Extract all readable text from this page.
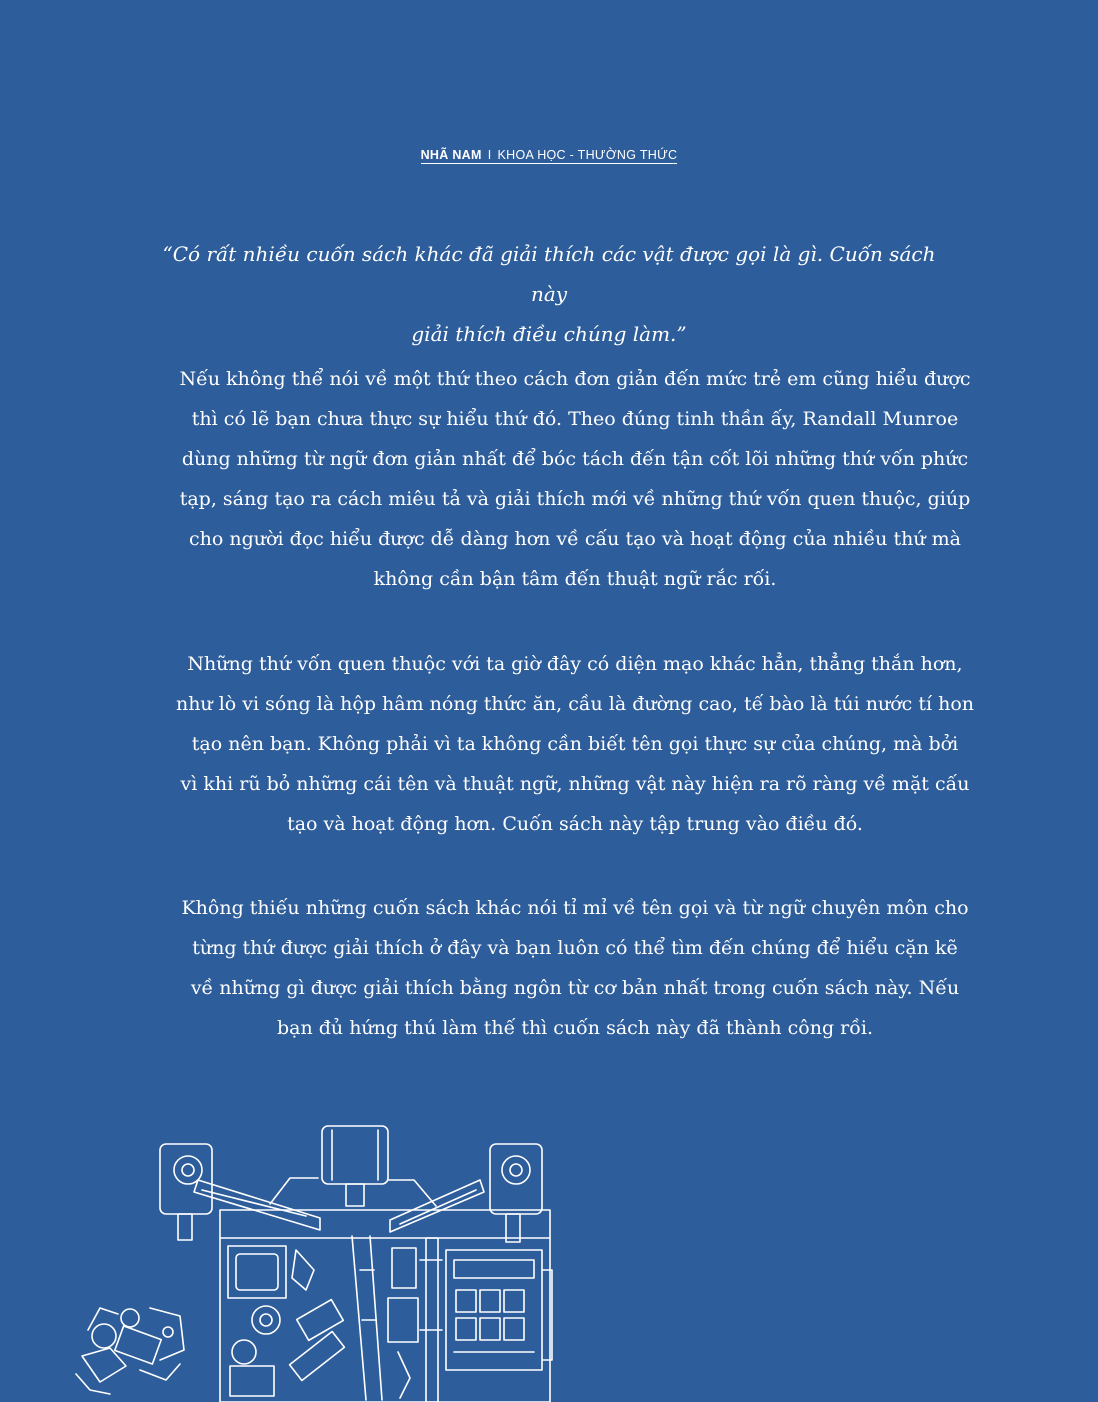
NHÃ NAM I KHOA HỌC - THƯỜNG THỨC
“Có rất nhiều cuốn sách khác đã giải thích các vật được gọi là gì. Cuốn sách này
giải thích điều chúng làm.”
Nếu không thể nói về một thứ theo cách đơn giản đến mức trẻ em cũng hiểu được
thì có lẽ bạn chưa thực sự hiểu thứ đó. Theo đúng tinh thần ấy, Randall Munroe
dùng những từ ngữ đơn giản nhất để bóc tách đến tận cốt lõi những thứ vốn phức
tạp, sáng tạo ra cách miêu tả và giải thích mới về những thứ vốn quen thuộc, giúp
cho người đọc hiểu được dễ dàng hơn về cấu tạo và hoạt động của nhiều thứ mà
không cần bận tâm đến thuật ngữ rắc rối.
Những thứ vốn quen thuộc với ta giờ đây có diện mạo khác hẳn, thẳng thắn hơn,
như lò vi sóng là hộp hâm nóng thức ăn, cầu là đường cao, tế bào là túi nước tí hon
tạo nên bạn. Không phải vì ta không cần biết tên gọi thực sự của chúng, mà bởi
vì khi rũ bỏ những cái tên và thuật ngữ, những vật này hiện ra rõ ràng về mặt cấu
tạo và hoạt động hơn. Cuốn sách này tập trung vào điều đó.
Không thiếu những cuốn sách khác nói tỉ mỉ về tên gọi và từ ngữ chuyên môn cho
từng thứ được giải thích ở đây và bạn luôn có thể tìm đến chúng để hiểu cặn kẽ
về những gì được giải thích bằng ngôn từ cơ bản nhất trong cuốn sách này. Nếu
bạn đủ hứng thú làm thế thì cuốn sách này đã thành công rồi.
